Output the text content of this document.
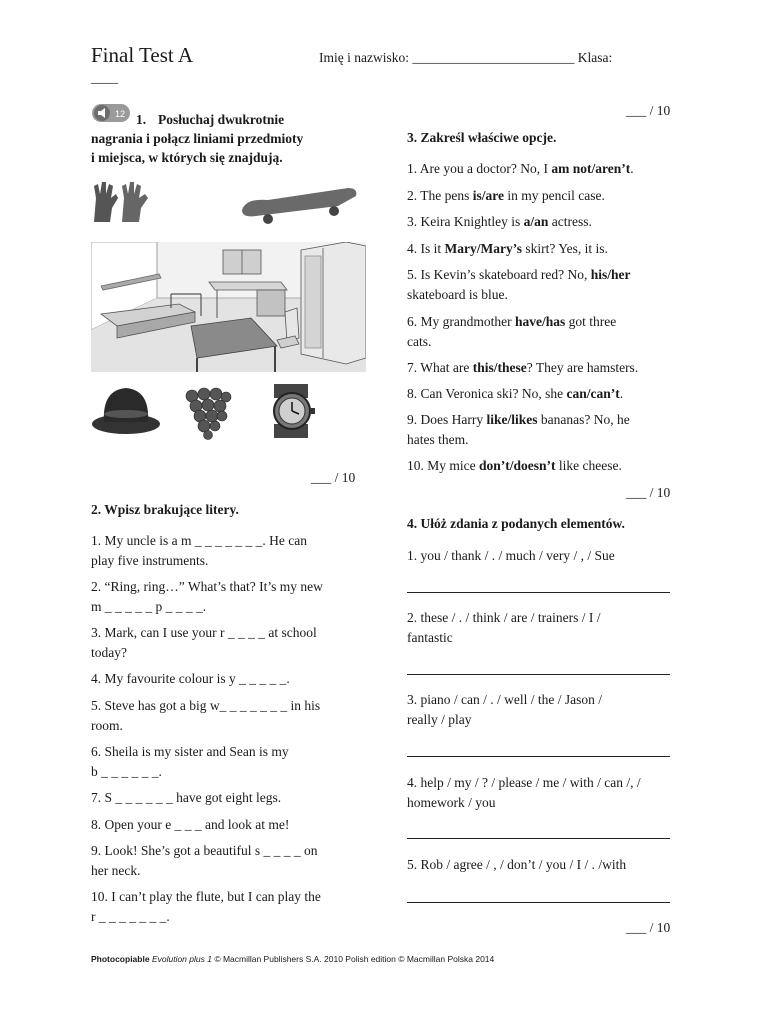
Final Test A	Imię i nazwisko: ________________________ Klasa:
____
12 1. Posłuchaj dwukrotnie
nagrania i połącz liniami przedmioty
i miejsca, w których się znajdują.
___ / 10
2. Wpisz brakujące litery.
1. My uncle is a m _ _ _ _ _ _ _. He can
play five instruments.
2. “Ring, ring…” What’s that? It’s my new
m _ _ _ _ _ p _ _ _ _.
3. Mark, can I use your r _ _ _ _ at school
today?
4. My favourite colour is y _ _ _ _ _.
5. Steve has got a big w_ _ _ _ _ _ _ in his
room.
6. Sheila is my sister and Sean is my
b _ _ _ _ _ _.
7. S _ _ _ _ _ _ have got eight legs.
8. Open your e _ _ _ and look at me!
9. Look! She’s got a beautiful s _ _ _ _ on
her neck.
10. I can’t play the flute, but I can play the
r _ _ _ _ _ _ _.
___ / 10
3. Zakreśl właściwe opcje.
1. Are you a doctor? No, I am not/aren’t.
2. The pens is/are in my pencil case.
3. Keira Knightley is a/an actress.
4. Is it Mary/Mary’s skirt? Yes, it is.
5. Is Kevin’s skateboard red? No, his/her
skateboard is blue.
6. My grandmother have/has got three
cats.
7. What are this/these? They are hamsters.
8. Can Veronica ski? No, she can/can’t.
9. Does Harry like/likes bananas? No, he
hates them.
10. My mice don’t/doesn’t like cheese.
___ / 10
4. Ułóż zdania z podanych elementów.
1. you / thank / . / much / very / , / Sue
2. these / . / think / are / trainers / I /
fantastic
3. piano / can / . / well / the / Jason /
really / play
4. help / my / ? / please / me / with / can /, /
homework / you
5. Rob / agree / , / don’t / you / I / . /with
___ / 10
Photocopiable Evolution plus 1 © Macmillan Publishers S.A. 2010 Polish edition © Macmillan Polska 2014
